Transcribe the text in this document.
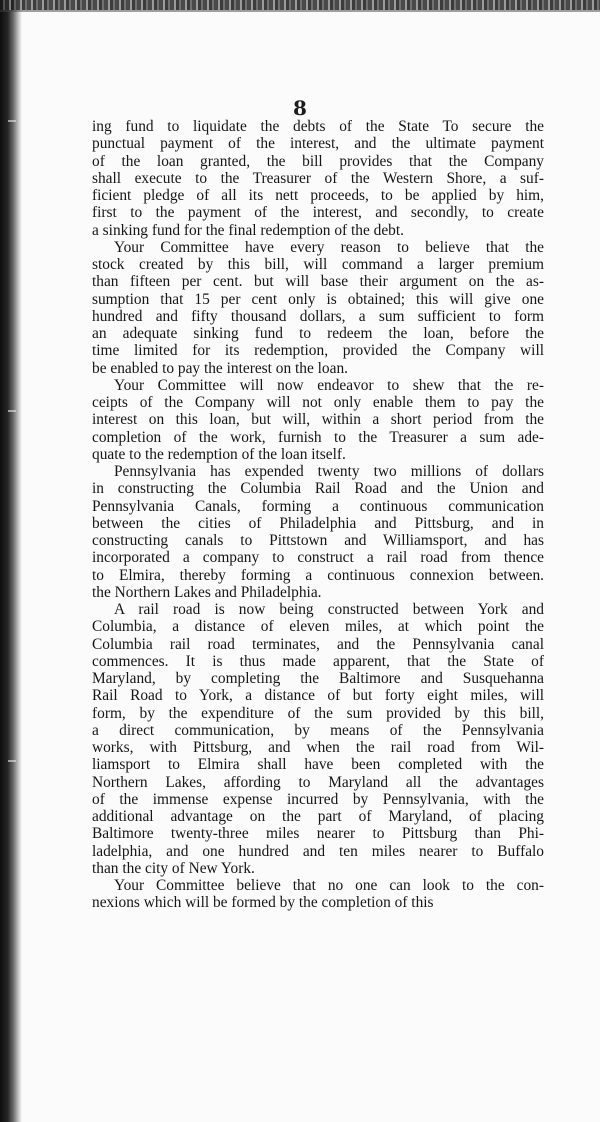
8
ing fund to liquidate the debts of the State To secure the
punctual payment of the interest, and the ultimate payment
of the loan granted, the bill provides that the Company
shall execute to the Treasurer of the Western Shore, a suf-
ficient pledge of all its nett proceeds, to be applied by him,
first to the payment of the interest, and secondly, to create
a sinking fund for the final redemption of the debt.
Your Committee have every reason to believe that the
stock created by this bill, will command a larger premium
than fifteen per cent. but will base their argument on the as-
sumption that 15 per cent only is obtained; this will give one
hundred and fifty thousand dollars, a sum sufficient to form
an adequate sinking fund to redeem the loan, before the
time limited for its redemption, provided the Company will
be enabled to pay the interest on the loan.
Your Committee will now endeavor to shew that the re-
ceipts of the Company will not only enable them to pay the
interest on this loan, but will, within a short period from the
completion of the work, furnish to the Treasurer a sum ade-
quate to the redemption of the loan itself.
Pennsylvania has expended twenty two millions of dollars
in constructing the Columbia Rail Road and the Union and
Pennsylvania Canals, forming a continuous communication
between the cities of Philadelphia and Pittsburg, and in
constructing canals to Pittstown and Williamsport, and has
incorporated a company to construct a rail road from thence
to Elmira, thereby forming a continuous connexion between.
the Northern Lakes and Philadelphia.
A rail road is now being constructed between York and
Columbia, a distance of eleven miles, at which point the
Columbia rail road terminates, and the Pennsylvania canal
commences. It is thus made apparent, that the State of
Maryland, by completing the Baltimore and Susquehanna
Rail Road to York, a distance of but forty eight miles, will
form, by the expenditure of the sum provided by this bill,
a direct communication, by means of the Pennsylvania
works, with Pittsburg, and when the rail road from Wil-
liamsport to Elmira shall have been completed with the
Northern Lakes, affording to Maryland all the advantages
of the immense expense incurred by Pennsylvania, with the
additional advantage on the part of Maryland, of placing
Baltimore twenty-three miles nearer to Pittsburg than Phi-
ladelphia, and one hundred and ten miles nearer to Buffalo
than the city of New York.
Your Committee believe that no one can look to the con-
nexions which will be formed by the completion of this
